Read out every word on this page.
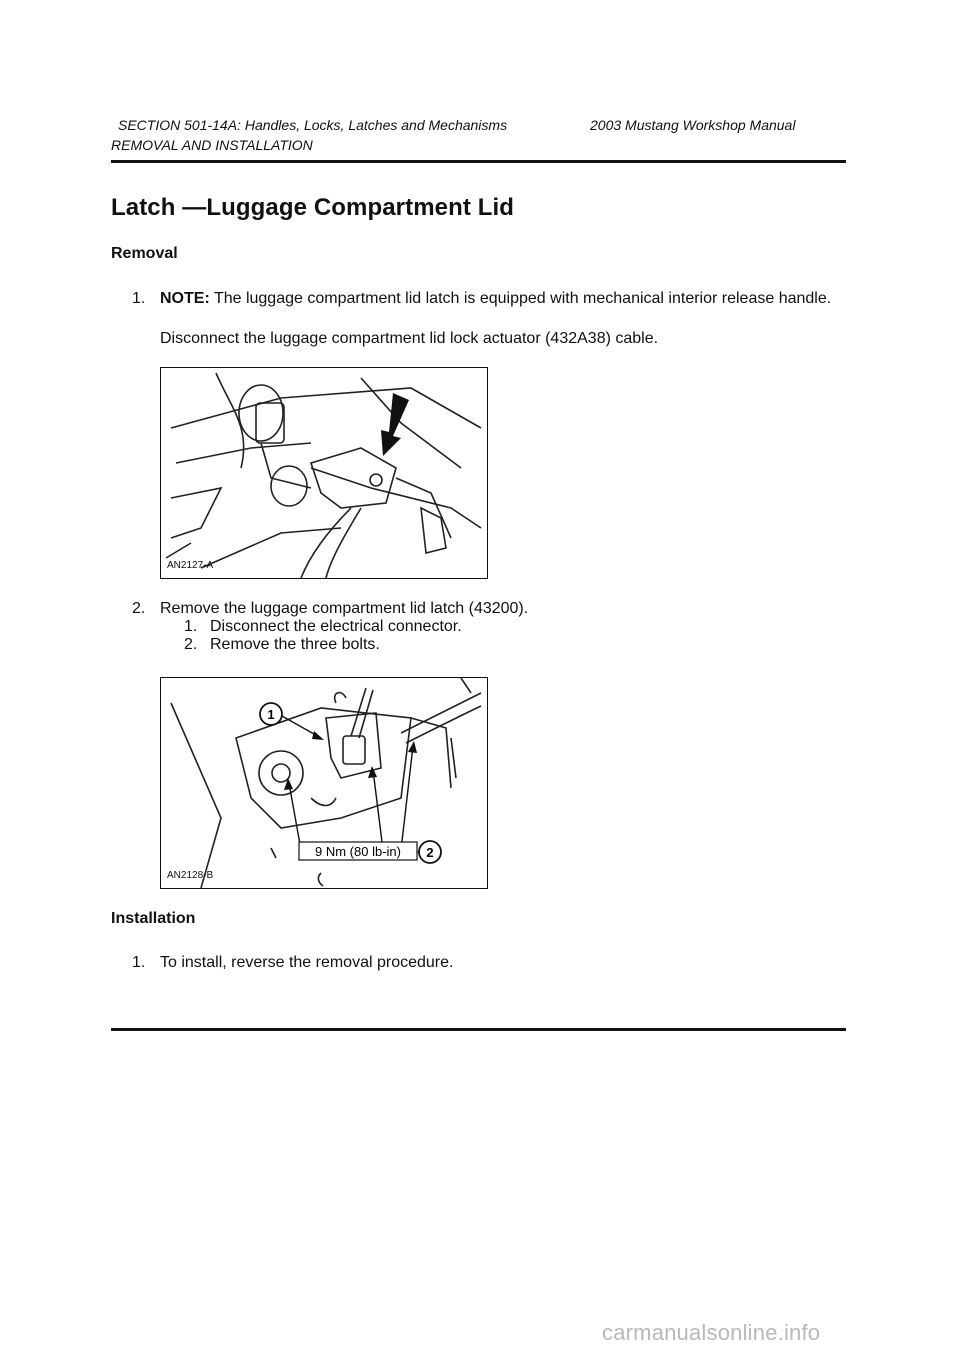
SECTION 501-14A: Handles, Locks, Latches and Mechanisms	2003 Mustang Workshop Manual
REMOVAL AND INSTALLATION
Latch —Luggage Compartment Lid
Removal
1. NOTE: The luggage compartment lid latch is equipped with mechanical interior release handle.
Disconnect the luggage compartment lid lock actuator (432A38) cable.
AN2127-A
2. Remove the luggage compartment lid latch (43200).
1. Disconnect the electrical connector.
2. Remove the three bolts.
1
9 Nm (80 lb-in) 2
AN2128-B
Installation
1. To install, reverse the removal procedure.
carmanualsonline.info
